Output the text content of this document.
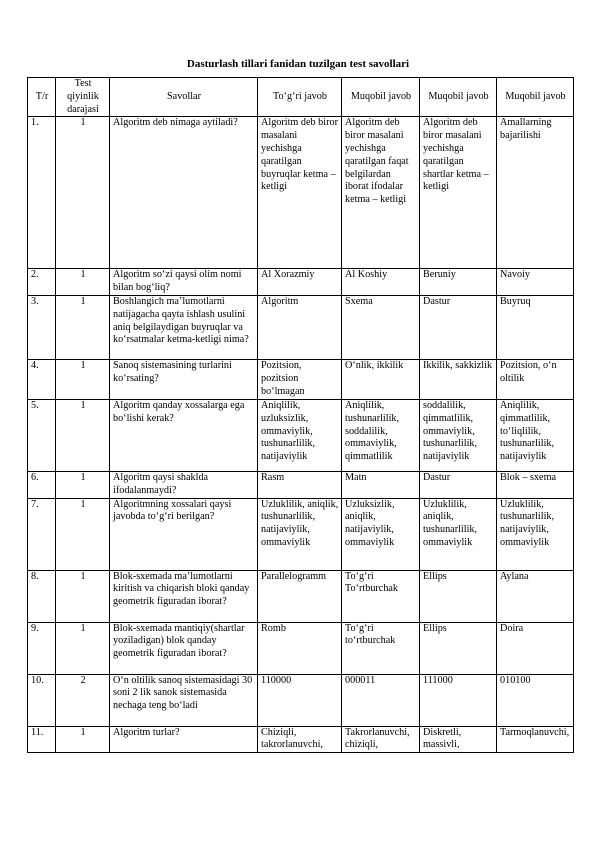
Dasturlash tillari fanidan tuzilgan test savollari
T/r	Test qiyinlik darajasi	Savollar	To‘g‘ri javob	Muqobil javob	Muqobil javob	Muqobil javob
1.	1	Algoritm deb nimaga aytiladi?	Algoritm deb biror masalani yechishga qaratilgan buyruqlar ketma – ketligi	Algoritm deb biror masalani yechishga qaratilgan faqat belgilardan iborat ifodalar ketma – ketligi	Algoritm deb biror masalani yechishga qaratilgan shartlar ketma – ketligi	Amallarning bajarilishi
2.	1	Algoritm so‘zi qaysi olim nomi bilan bog‘liq?	Al Xorazmiy	Al Koshiy	Beruniy	Navoiy
3.	1	Boshlangich ma’lumotlarni natijagacha qayta ishlash usulini aniq belgilaydigan buyruqlar va ko‘rsatmalar ketma-ketligi nima?	Algoritm	Sxema	Dastur	Buyruq
4.	1	Sanoq sistemasining turlarini ko‘rsating?	Pozitsion, pozitsion bo‘lmagan	O‘nlik, ikkilik	Ikkilik, sakkizlik	Pozitsion, o‘n oltilik
5.	1	Algoritm qanday xossalarga ega bo‘lishi kerak?	Aniqlilik, uzluksizlik, ommaviylik, tushunarlilik, natijaviylik	Aniqlilik, tushunarlilik, soddalilik, ommaviylik, qimmatlilik	soddalilik, qimmatlilik, ommaviylik, tushunarlilik, natijaviylik	Aniqlilik, qimmatlilik, to‘liqlilik, tushunarlilik, natijaviylik
6.	1	Algoritm qaysi shaklda ifodalanmaydi?	Rasm	Matn	Dastur	Blok – sxema
7.	1	Algoritmning xossalari qaysi javobda to‘g‘ri berilgan?	Uzluklilik, aniqlik, tushunarlilik, natijaviylik, ommaviylik	Uzluksizlik, aniqlik, natijaviylik, ommaviylik	Uzluklilik, aniqlik, tushunarlilik, ommaviylik	Uzluklilik, tushunarlilik, natijaviylik, ommaviylik
8.	1	Blok-sxemada ma’lumotlarni kiritish va chiqarish bloki qanday geometrik figuradan iborat?	Parallelogramm	To‘g‘ri To‘rtburchak	Ellips	Aylana
9.	1	Blok-sxemada mantiqiy(shartlar yoziladigan) blok qanday geometrik figuradan iborat?	Romb	To‘g‘ri to‘rtburchak	Ellips	Doira
10.	2	O‘n oltilik sanoq sistemasidagi 30 soni 2 lik sanok sistemasida nechaga teng bo‘ladi	110000	000011	111000	010100
11.	1	Algoritm turlar?	Chiziqli, takrorlanuvchi,	Takrorlanuvchi, chiziqli,	Diskretli, massivli,	Tarmoqlanuvchi,
